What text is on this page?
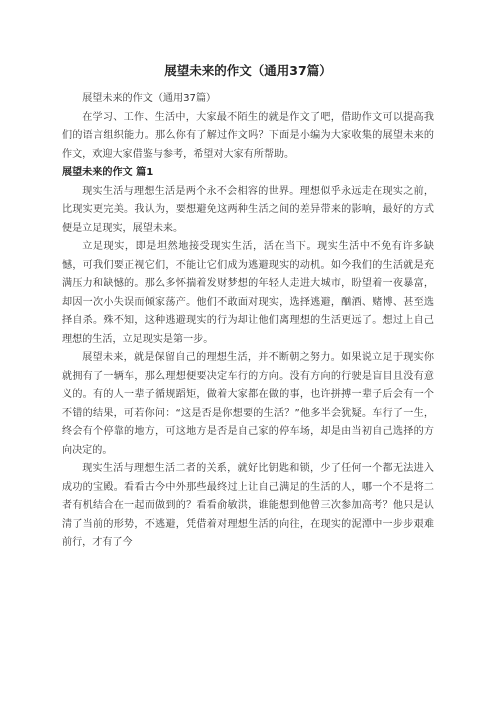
展望未来的作文（通用37篇）

展望未来的作文（通用37篇）

在学习、工作、生活中，大家最不陌生的就是作文了吧，借助作文可以提高我们的语言组织能力。那么你有了解过作文吗？下面是小编为大家收集的展望未来的作文，欢迎大家借鉴与参考，希望对大家有所帮助。

展望未来的作文 篇1

现实生活与理想生活是两个永不会相容的世界。理想似乎永远走在现实之前，比现实更完美。我认为，要想避免这两种生活之间的差异带来的影响，最好的方式便是立足现实，展望未来。

立足现实，即是坦然地接受现实生活，活在当下。现实生活中不免有许多缺憾，可我们要正视它们，不能让它们成为逃避现实的动机。如今我们的生活就是充满压力和缺憾的。那么多怀揣着发财梦想的年轻人走进大城市，盼望着一夜暴富，却因一次小失误而倾家荡产。他们不敢面对现实，选择逃避，酗酒、赌博、甚至选择自杀。殊不知，这种逃避现实的行为却让他们离理想的生活更远了。想过上自己理想的生活，立足现实是第一步。

展望未来，就是保留自己的理想生活，并不断朝之努力。如果说立足于现实你就拥有了一辆车，那么理想便要决定车行的方向。没有方向的行驶是盲目且没有意义的。有的人一辈子循规蹈矩，做着大家都在做的事，也许拼搏一辈子后会有一个不错的结果，可若你问：“这是否是你想要的生活？”他多半会犹疑。车行了一生，终会有个停靠的地方，可这地方是否是自己家的停车场，却是由当初自己选择的方向决定的。

现实生活与理想生活二者的关系，就好比钥匙和锁，少了任何一个都无法进入成功的宝殿。看看古今中外那些最终过上让自己满足的生活的人，哪一个不是将二者有机结合在一起而做到的？看看俞敏洪，谁能想到他曾三次参加高考？他只是认清了当前的形势，不逃避，凭借着对理想生活的向往，在现实的泥潭中一步步艰难前行，才有了今
